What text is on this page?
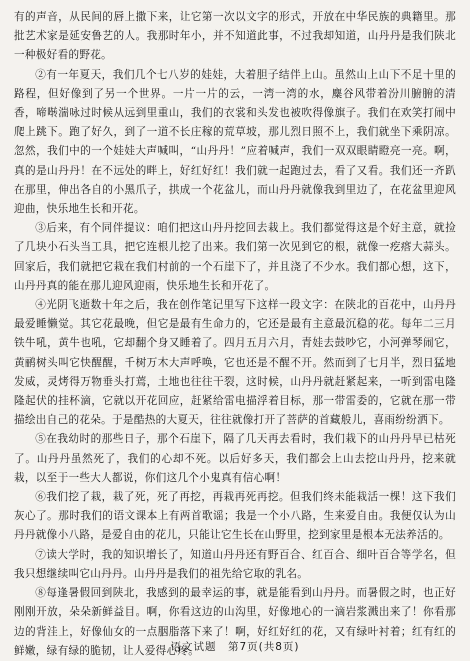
有的声音，从民间的唇上撒下来，让它第一次以文字的形式，开放在中华民族的典籍里。那批艺术家是延安鲁艺的人。我那时年小，并不知道此事，不过我却知道，山丹丹是我们陕北一种极好看的野花。

②有一年夏天，我们几个七八岁的娃娃，大着胆子结伴上山。虽然山上山下不足十里的路程，但好像到了另一个世界。一片一片的云，一湾一湾的水，麋谷风带着汾川腑腑的清香，啼啭湍咏过时候从远到里重山，我们的衣裳和头发也被吹得像旗子。我们在欢笑打闹中爬上跳下。跑了好久，到了一道不长庄稼的荒草坡，那儿烈日照不上，我们就坐下乘阴凉。忽然，我们中的一个娃娃大声喊叫，“山丹丹！”应着喊声，我们一双双眼睛瞪亮一亮。啊，真的是山丹丹！在不远处的畔上，好红好红！我们就一起跑过去，看了又看。我们还一齐趴在那里，伸出各自的小黑爪子，拱成一个花盆儿，而山丹丹就像我到里边了，在花盆里迎风迎曲，快乐地生长和开花。

③后来，有个同伴提议：咱们把这山丹丹挖回去栽上。我们都觉得这是个好主意，就捡了几块小石头当工具，把它连根儿挖了出来。我们第一次见到它的根，就像一疙瘩大蒜头。回家后，我们就把它栽在我们村前的一个石崖下了，并且浇了不少水。我们都心想，这下，山丹丹真的能在那儿迎风迎雨，快乐地生长和开花了。

④光阴飞逝数十年之后，我在创作笔记里写下这样一段文字：在陕北的百花中，山丹丹最爱睡懒觉。其它花最晚，但它是最有生命力的，它还是最有主意最沉稳的花。每年二三月铁牛吼，黄牛也吼，它却翻个身又睡着了。四月五月六月，青娃去鼓吵它，小河弹琴闹它，黄鹂树头叫它快醒醒，千树万木大声呼唤，它也还是不醒不开。然而到了七月半，烈日猛地发威，灵烤得万物垂头打蔫，土地也往往干裂，这时候，山丹丹就赶紧起来，一听到雷电隆隆起伏的挂杯滴，它就以开花回应，赶紧给雷电描浮着目标，那一带雷委的，它就在那一带描绘出自己的花朵。于是酷热的大夏天，往往就像打开了菩萨的首藏般儿，喜雨纷纷洒下。

⑤在我幼时的那些日子，那个石崖下，隔了几天再去看时，我们栽下的山丹丹早已枯死了。山丹丹虽然死了，我们的心却不死。以后好多天，我们都会上山去挖山丹丹，挖来就栽，以至于一些大人都说，你们这几个小鬼真有信心啊！

⑥我们挖了栽，栽了死，死了再挖，再栽再死再挖。但我们终未能栽活一棵！这下我们灰心了。那时我们的语文课本上有两首歌谣；我是一个小八路，生来爱自由。我便仅认为山丹丹就像小八路，是爱自由的花儿，只能让它生长在山野里，挖到家里是根本无法养活的。

⑦读大学时，我的知识增长了，知道山丹丹还有野百合、红百合、细叶百合等学名，但我只想继续叫它山丹丹。山丹丹是我们的祖先给它取的乳名。

⑧每逢暑假回到陕北，我感到的最幸运的事，就是能看到山丹丹。而暑假之时，也正好刚刚开放，朵朵新鲜益目。啊，你看这边的山沟里，好像地心的一滴岩浆溅出来了！你看那边的背洼上，好像仙女的一点胭脂落下来了！啊，好红好红的花，又有绿叶衬着；红有红的鲜嫩，绿有绿的脆韧，让人爱得心疼。

语文试题　第7页(共8页)
